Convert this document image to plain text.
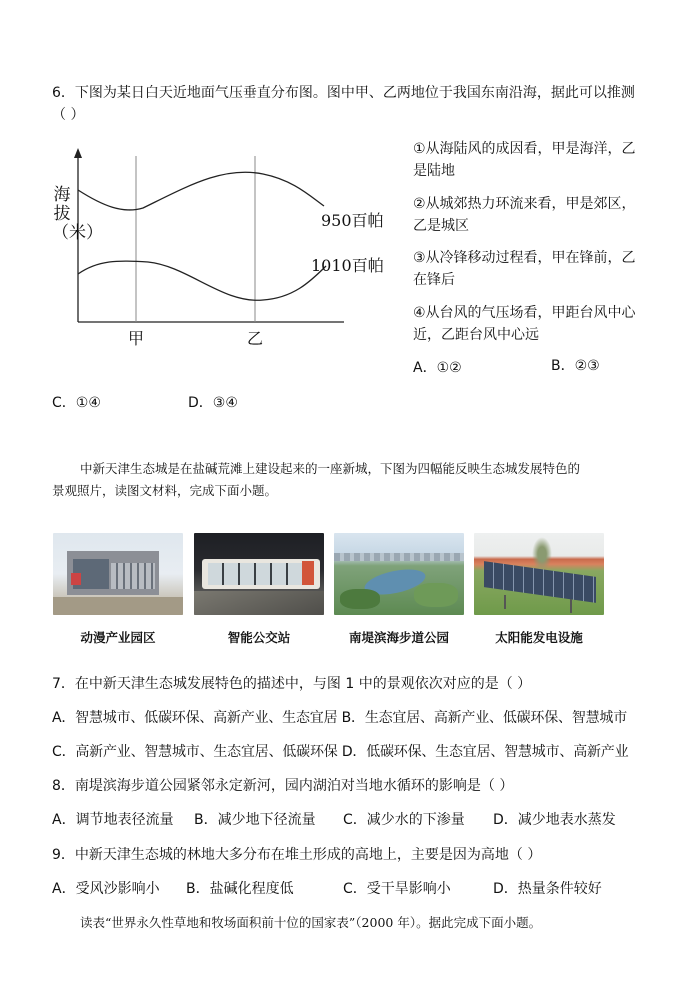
6．下图为某日白天近地面气压垂直分布图。图中甲、乙两地位于我国东南沿海，据此可以推测
（ ）
海拔（米）
950百帕
1010百帕
甲	乙
①从海陆风的成因看，甲是海洋，乙是陆地
②从城郊热力环流来看，甲是郊区，乙是城区
③从冷锋移动过程看，甲在锋前，乙在锋后
④从台风的气压场看，甲距台风中心近，乙距台风中心远
A．①②	B．②③
C．①④	D．③④
中新天津生态城是在盐碱荒滩上建设起来的一座新城，下图为四幅能反映生态城发展特色的
景观照片，读图文材料，完成下面小题。
动漫产业园区	智能公交站	南堤滨海步道公园	太阳能发电设施
7．在中新天津生态城发展特色的描述中，与图 1 中的景观依次对应的是（ ）
A．智慧城市、低碳环保、高新产业、生态宜居 B．生态宜居、高新产业、低碳环保、智慧城市
C．高新产业、智慧城市、生态宜居、低碳环保 D．低碳环保、生态宜居、智慧城市、高新产业
8．南堤滨海步道公园紧邻永定新河，园内湖泊对当地水循环的影响是（ ）
A．调节地表径流量 B．减少地下径流量 C．减少水的下渗量 D．减少地表水蒸发
9．中新天津生态城的林地大多分布在堆土形成的高地上，主要是因为高地（ ）
A．受风沙影响小 B．盐碱化程度低	C．受干旱影响小	D．热量条件较好
读表“世界永久性草地和牧场面积前十位的国家表”（2000 年）。据此完成下面小题。
